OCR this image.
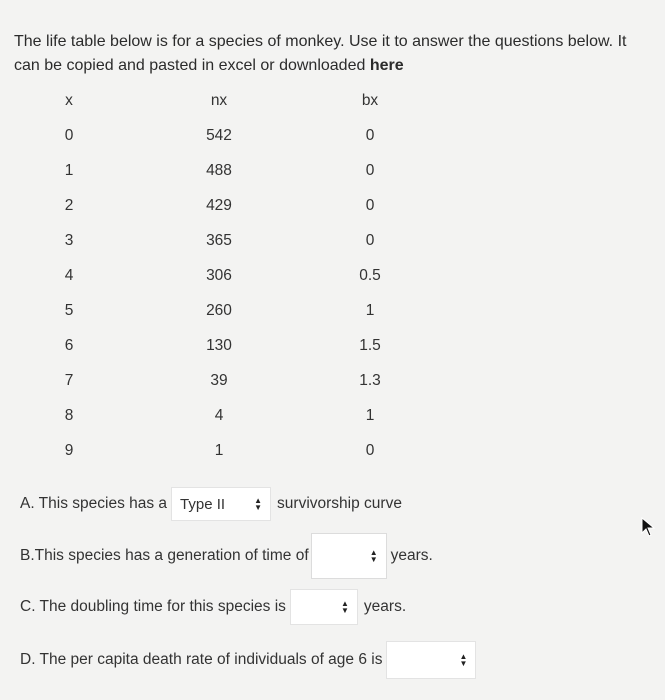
The life table below is for a species of monkey. Use it to answer the questions below. It can be copied and pasted in excel or downloaded here
x	nx	bx
0	542	0
1	488	0
2	429	0
3	365	0
4	306	0.5
5	260	1
6	130	1.5
7	39	1.3
8	4	1
9	1	0
A. This species has a Type II	▲
▼ survivorship curve
B.This species has a generation of time of	▲
▼ years.
C. The doubling time for this species is	▲
▼ years.
D. The per capita death rate of individuals of age 6 is	▲
▼
